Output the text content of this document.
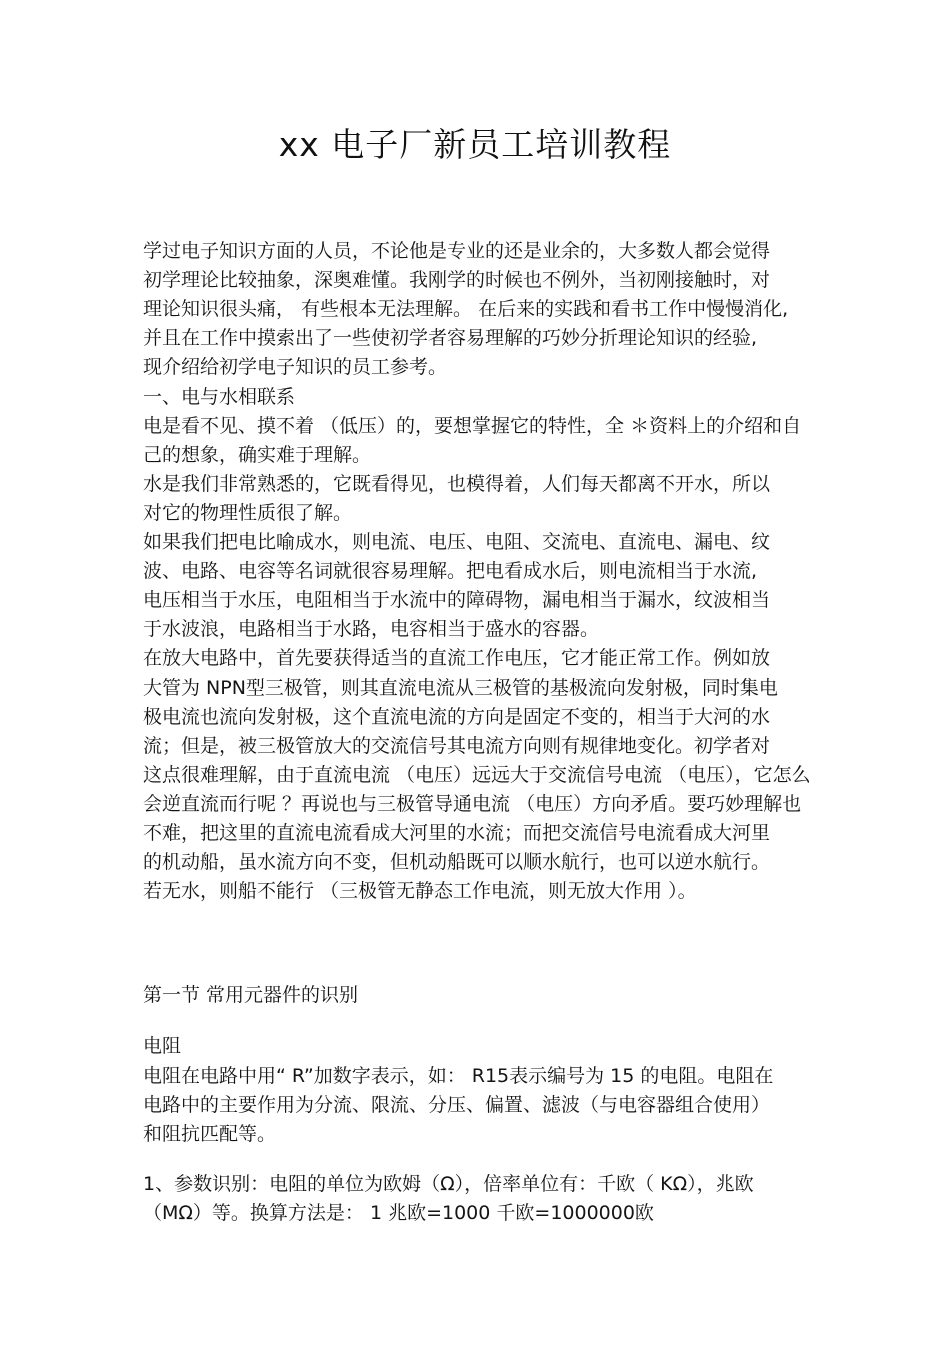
xx 电子厂新员工培训教程
学过电子知识方面的人员，不论他是专业的还是业余的，大多数人都会觉得
初学理论比较抽象，深奥难懂。我刚学的时候也不例外，当初刚接触时，对
理论知识很头痛， 有些根本无法理解。 在后来的实践和看书工作中慢慢消化,
并且在工作中摸索出了一些使初学者容易理解的巧妙分折理论知识的经验,
现介绍给初学电子知识的员工参考。
一、电与水相联系
电是看不见、摸不着 （低压）的，要想掌握它的特性，全 ＊资料上的介绍和自
己的想象，确实难于理解。
水是我们非常熟悉的，它既看得见，也模得着，人们每天都离不开水，所以
对它的物理性质很了解。
如果我们把电比喻成水，则电流、电压、电阻、交流电、直流电、漏电、纹
波、电路、电容等名词就很容易理解。把电看成水后，则电流相当于水流,
电压相当于水压，电阻相当于水流中的障碍物，漏电相当于漏水，纹波相当
于水波浪，电路相当于水路，电容相当于盛水的容器。
在放大电路中，首先要获得适当的直流工作电压，它才能正常工作。例如放
大管为 NPN型三极管，则其直流电流从三极管的基极流向发射极，同时集电
极电流也流向发射极，这个直流电流的方向是固定不变的，相当于大河的水
流；但是，被三极管放大的交流信号其电流方向则有规律地变化。初学者对
这点很难理解，由于直流电流 （电压）远远大于交流信号电流 （电压），它怎么
会逆直流而行呢 ？再说也与三极管导通电流 （电压）方向矛盾。要巧妙理解也
不难，把这里的直流电流看成大河里的水流；而把交流信号电流看成大河里
的机动船，虽水流方向不变，但机动船既可以顺水航行，也可以逆水航行。
若无水，则船不能行 （三极管无静态工作电流，则无放大作用 ）。
第一节 常用元器件的识别
电阻
电阻在电路中用“ R”加数字表示，如： R15表示编号为 15 的电阻。电阻在
电路中的主要作用为分流、限流、分压、偏置、滤波（与电容器组合使用）
和阻抗匹配等。
1、参数识别：电阻的单位为欧姆（Ω），倍率单位有：千欧（ KΩ），兆欧
（MΩ）等。换算方法是： 1 兆欧=1000 千欧=1000000欧
